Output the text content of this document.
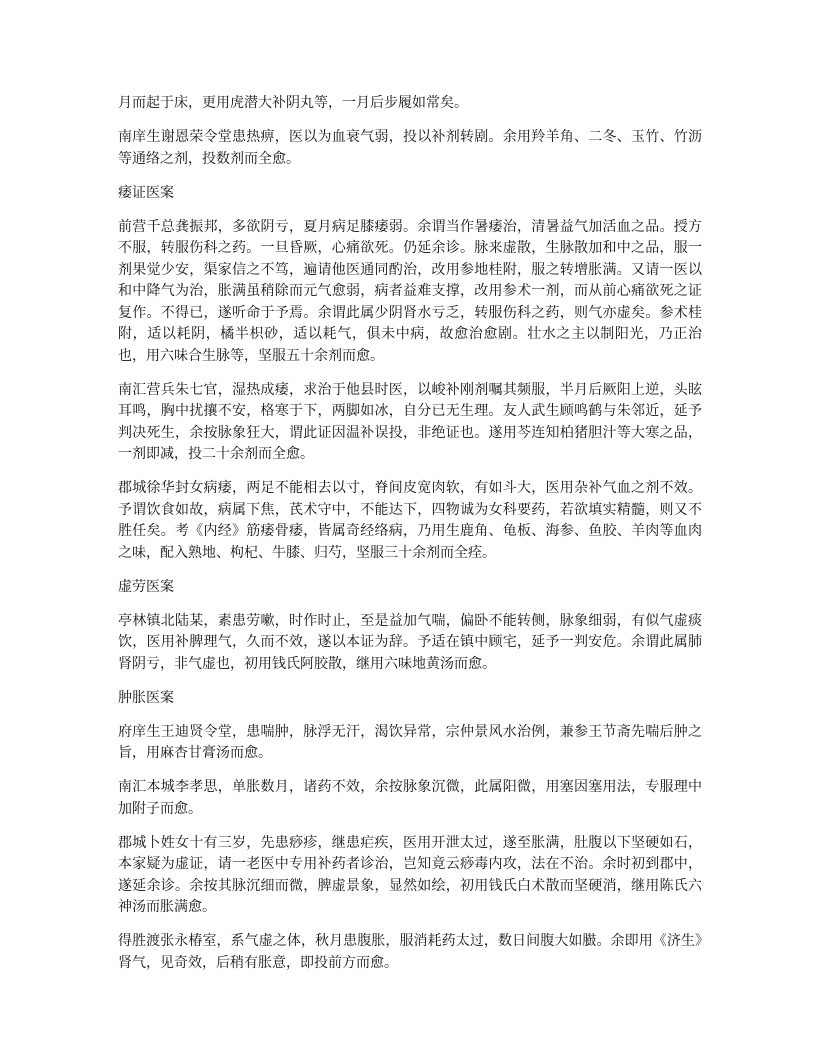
月而起于床，更用虎潜大补阴丸等，一月后步履如常矣。

南庠生谢恩荣令堂患热痹，医以为血衰气弱，投以补剂转剧。余用羚羊角、二冬、玉竹、竹沥等通络之剂，投数剂而全愈。

痿证医案

前营千总龚振邦，多欲阴亏，夏月病足膝痿弱。余谓当作暑痿治，清暑益气加活血之品。授方不服，转服伤科之药。一旦昏厥，心痛欲死。仍延余诊。脉来虚散，生脉散加和中之品，服一剂果觉少安，渠家信之不笃，遍请他医通同酌治，改用参地桂附，服之转增胀满。又请一医以和中降气为治，胀满虽稍除而元气愈弱，病者益难支撑，改用参术一剂，而从前心痛欲死之证复作。不得已，遂听命于予焉。余谓此属少阴肾水亏乏，转服伤科之药，则气亦虚矣。参术桂附，适以耗阴，橘半枳砂，适以耗气，俱未中病，故愈治愈剧。壮水之主以制阳光，乃正治也，用六味合生脉等，坚服五十余剂而愈。

南汇营兵朱七官，湿热成痿，求治于他县时医，以峻补刚剂嘱其频服，半月后厥阳上逆，头眩耳鸣，胸中扰攘不安，格寒于下，两脚如冰，自分已无生理。友人武生顾鸣鹤与朱邻近，延予判决死生，余按脉象狂大，谓此证因温补误投，非绝证也。遂用芩连知柏猪胆汁等大寒之品，一剂即减，投二十余剂而全愈。

郡城徐华封女病痿，两足不能相去以寸，脊间皮宽肉软，有如斗大，医用杂补气血之剂不效。予谓饮食如故，病属下焦，芪术守中，不能达下，四物诚为女科要药，若欲填实精髓，则又不胜任矣。考《内经》筋痿骨痿，皆属奇经络病，乃用生鹿角、龟板、海参、鱼胶、羊肉等血肉之味，配入熟地、枸杞、牛膝、归芍，坚服三十余剂而全痊。

虚劳医案

亭林镇北陆某，素患劳嗽，时作时止，至是益加气喘，偏卧不能转侧，脉象细弱，有似气虚痰饮，医用补脾理气，久而不效，遂以本证为辞。予适在镇中顾宅，延予一判安危。余谓此属肺肾阴亏，非气虚也，初用钱氏阿胶散，继用六味地黄汤而愈。

肿胀医案

府庠生王迪贤令堂，患喘肿，脉浮无汗，渴饮异常，宗仲景风水治例，兼参王节斋先喘后肿之旨，用麻杏甘膏汤而愈。

南汇本城李孝思，单胀数月，诸药不效，余按脉象沉微，此属阳微，用塞因塞用法，专服理中加附子而愈。

郡城卜姓女十有三岁，先患痧疹，继患疟疾，医用开泄太过，遂至胀满，肚腹以下坚硬如石，本家疑为虚证，请一老医中专用补药者诊治，岂知竟云痧毒内攻，法在不治。余时初到郡中，遂延余诊。余按其脉沉细而微，脾虚景象，显然如绘，初用钱氏白术散而坚硬消，继用陈氏六神汤而胀满愈。

得胜渡张永椿室，系气虚之体，秋月患腹胀，服消耗药太过，数日间腹大如臌。余即用《济生》肾气，见奇效，后稍有胀意，即投前方而愈。
